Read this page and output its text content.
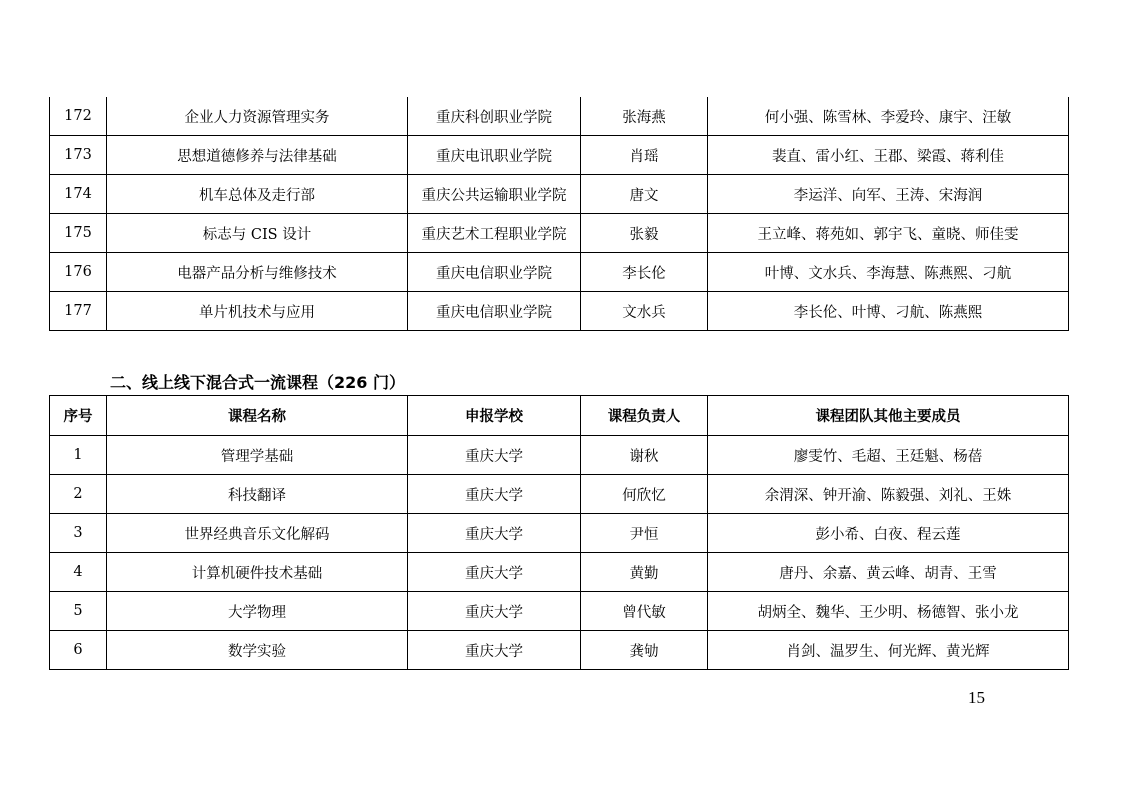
172	企业人力资源管理实务	重庆科创职业学院	张海燕	何小强、陈雪林、李爱玲、康宇、汪敏
173	思想道德修养与法律基础	重庆电讯职业学院	肖瑶	裴直、雷小红、王郡、梁霞、蒋利佳
174	机车总体及走行部	重庆公共运输职业学院	唐文	李运洋、向军、王涛、宋海润
175	标志与 CIS 设计	重庆艺术工程职业学院	张毅	王立峰、蒋苑如、郭宇飞、童晓、师佳雯
176	电器产品分析与维修技术	重庆电信职业学院	李长伦	叶博、文水兵、李海慧、陈燕熙、刁航
177	单片机技术与应用	重庆电信职业学院	文水兵	李长伦、叶博、刁航、陈燕熙
二、线上线下混合式一流课程（226 门）
序号	课程名称	申报学校	课程负责人	课程团队其他主要成员
1	管理学基础	重庆大学	谢秋	廖雯竹、毛超、王廷魁、杨蓓
2	科技翻译	重庆大学	何欣忆	余渭深、钟开渝、陈毅强、刘礼、王姝
3	世界经典音乐文化解码	重庆大学	尹恒	彭小希、白夜、程云莲
4	计算机硬件技术基础	重庆大学	黄勤	唐丹、余嘉、黄云峰、胡青、王雪
5	大学物理	重庆大学	曾代敏	胡炳全、魏华、王少明、杨德智、张小龙
6	数学实验	重庆大学	龚劬	肖剑、温罗生、何光辉、黄光辉
15
